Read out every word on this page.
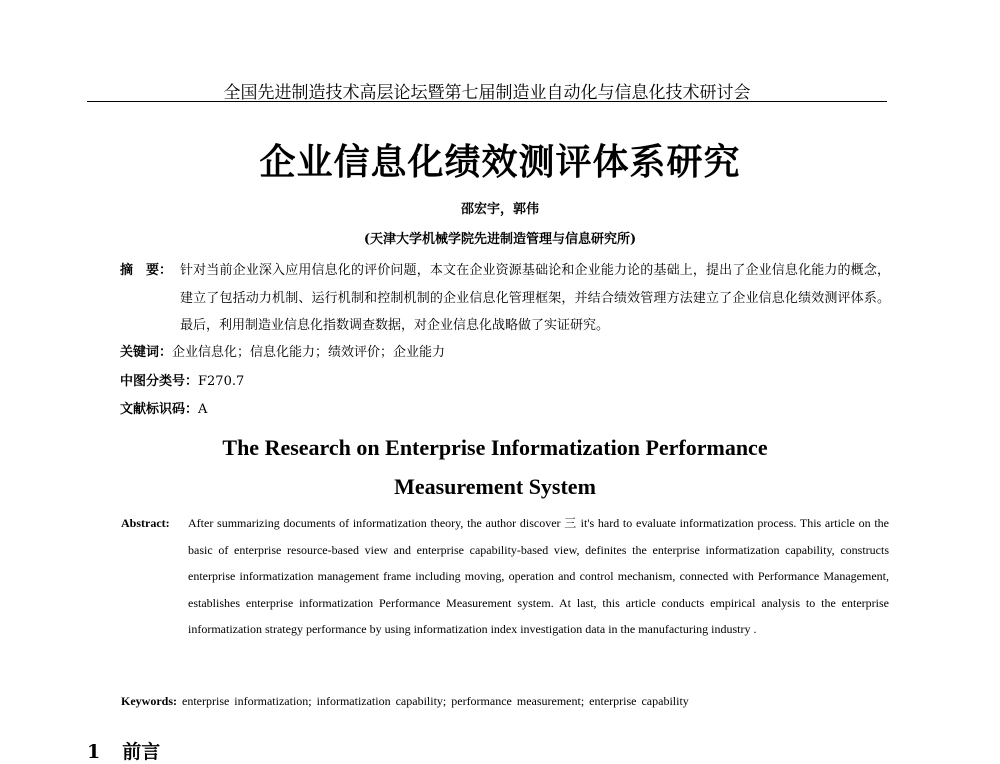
全国先进制造技术高层论坛暨第七届制造业自动化与信息化技术研讨会
企业信息化绩效测评体系研究
邵宏宇，郭伟
(天津大学机械学院先进制造管理与信息研究所)
摘　要： 针对当前企业深入应用信息化的评价问题，本文在企业资源基础论和企业能力论的基础上，提出了企业信息化能力的概念，建立了包括动力机制、运行机制和控制机制的企业信息化管理框架，并结合绩效管理方法建立了企业信息化绩效测评体系。最后，利用制造业信息化指数调查数据，对企业信息化战略做了实证研究。
关键词：企业信息化；信息化能力；绩效评价；企业能力
中图分类号：F270.7
文献标识码：A
The Research on Enterprise Informatization Performance
Measurement System
Abstract: After summarizing documents of informatization theory, the author discover 三 it's hard to evaluate informatization process. This article on the basic of enterprise resource-based view and enterprise capability-based view, definites the enterprise informatization capability, constructs enterprise informatization management frame including moving, operation and control mechanism, connected with Performance Management, establishes enterprise informatization Performance Measurement system. At last, this article conducts empirical analysis to the enterprise informatization strategy performance by using informatization index investigation data in the manufacturing industry .
Keywords: enterprise informatization; informatization capability; performance measurement; enterprise capability
1 前言
